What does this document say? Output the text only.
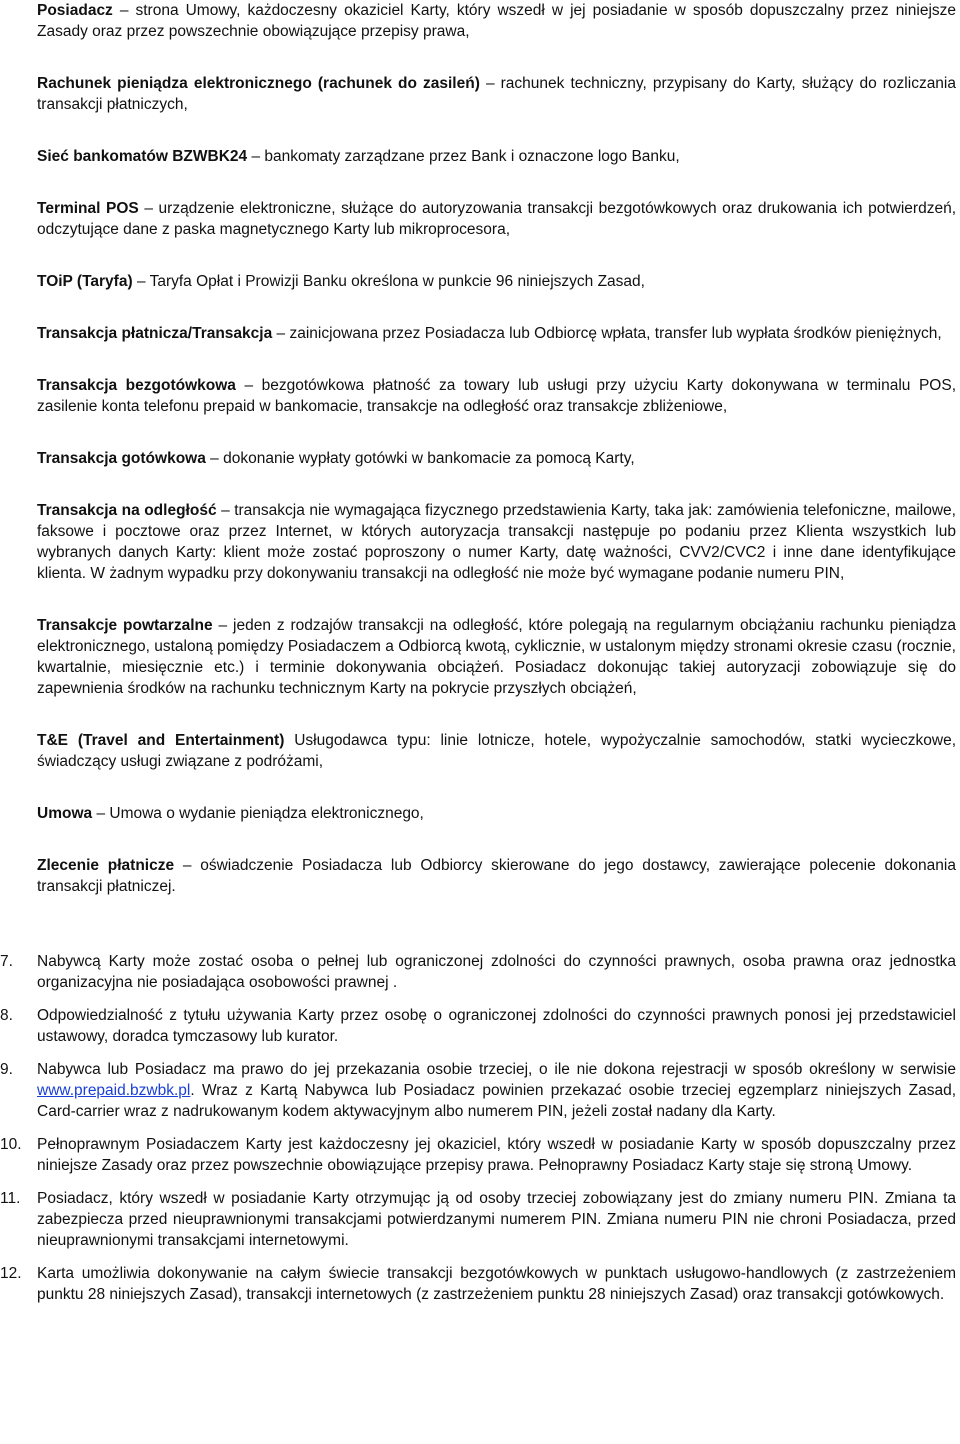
Posiadacz – strona Umowy, każdoczesny okaziciel Karty, który wszedł w jej posiadanie w sposób dopuszczalny przez niniejsze Zasady oraz przez powszechnie obowiązujące przepisy prawa,

Rachunek pieniądza elektronicznego (rachunek do zasileń) – rachunek techniczny, przypisany do Karty, służący do rozliczania transakcji płatniczych,

Sieć bankomatów BZWBK24 – bankomaty zarządzane przez Bank i oznaczone logo Banku,

Terminal POS – urządzenie elektroniczne, służące do autoryzowania transakcji bezgotówkowych oraz drukowania ich potwierdzeń, odczytujące dane z paska magnetycznego Karty lub mikroprocesora,

TOiP (Taryfa) – Taryfa Opłat i Prowizji Banku określona w punkcie 96 niniejszych Zasad,

Transakcja płatnicza/Transakcja – zainicjowana przez Posiadacza lub Odbiorcę wpłata, transfer lub wypłata środków pieniężnych,

Transakcja bezgotówkowa – bezgotówkowa płatność za towary lub usługi przy użyciu Karty dokonywana w terminalu POS, zasilenie konta telefonu prepaid w bankomacie, transakcje na odległość oraz transakcje zbliżeniowe,

Transakcja gotówkowa – dokonanie wypłaty gotówki w bankomacie za pomocą Karty,

Transakcja na odległość – transakcja nie wymagająca fizycznego przedstawienia Karty, taka jak: zamówienia telefoniczne, mailowe, faksowe i pocztowe oraz przez Internet, w których autoryzacja transakcji następuje po podaniu przez Klienta wszystkich lub wybranych danych Karty: klient może zostać poproszony o numer Karty, datę ważności, CVV2/CVC2 i inne dane identyfikujące klienta. W żadnym wypadku przy dokonywaniu transakcji na odległość nie może być wymagane podanie numeru PIN,

Transakcje powtarzalne – jeden z rodzajów transakcji na odległość, które polegają na regularnym obciążaniu rachunku pieniądza elektronicznego, ustaloną pomiędzy Posiadaczem a Odbiorcą kwotą, cyklicznie, w ustalonym między stronami okresie czasu (rocznie, kwartalnie, miesięcznie etc.) i terminie dokonywania obciążeń. Posiadacz dokonując takiej autoryzacji zobowiązuje się do zapewnienia środków na rachunku technicznym Karty na pokrycie przyszłych obciążeń,

T&E (Travel and Entertainment) Usługodawca typu: linie lotnicze, hotele, wypożyczalnie samochodów, statki wycieczkowe, świadczący usługi związane z podróżami,

Umowa – Umowa o wydanie pieniądza elektronicznego,

Zlecenie płatnicze – oświadczenie Posiadacza lub Odbiorcy skierowane do jego dostawcy, zawierające polecenie dokonania transakcji płatniczej.

7.	Nabywcą Karty może zostać osoba o pełnej lub ograniczonej zdolności do czynności prawnych, osoba prawna oraz jednostka organizacyjna nie posiadająca osobowości prawnej .
8.	Odpowiedzialność z tytułu używania Karty przez osobę o ograniczonej zdolności do czynności prawnych ponosi jej przedstawiciel ustawowy, doradca tymczasowy lub kurator.
9.	Nabywca lub Posiadacz ma prawo do jej przekazania osobie trzeciej, o ile nie dokona rejestracji w sposób określony w serwisie www.prepaid.bzwbk.pl. Wraz z Kartą Nabywca lub Posiadacz powinien przekazać osobie trzeciej egzemplarz niniejszych Zasad, Card-carrier wraz z nadrukowanym kodem aktywacyjnym albo numerem PIN, jeżeli został nadany dla Karty.
10. Pełnoprawnym Posiadaczem Karty jest każdoczesny jej okaziciel, który wszedł w posiadanie Karty w sposób dopuszczalny przez niniejsze Zasady oraz przez powszechnie obowiązujące przepisy prawa. Pełnoprawny Posiadacz Karty staje się stroną Umowy.
11.	Posiadacz, który wszedł w posiadanie Karty otrzymując ją od osoby trzeciej zobowiązany jest do zmiany numeru PIN. Zmiana ta zabezpiecza przed nieuprawnionymi transakcjami potwierdzanymi numerem PIN. Zmiana numeru PIN nie chroni Posiadacza, przed nieuprawnionymi transakcjami internetowymi.
12. Karta umożliwia dokonywanie na całym świecie transakcji bezgotówkowych w punktach usługowo-handlowych (z zastrzeżeniem punktu 28 niniejszych Zasad), transakcji internetowych (z zastrzeżeniem punktu 28 niniejszych Zasad) oraz transakcji gotówkowych.
